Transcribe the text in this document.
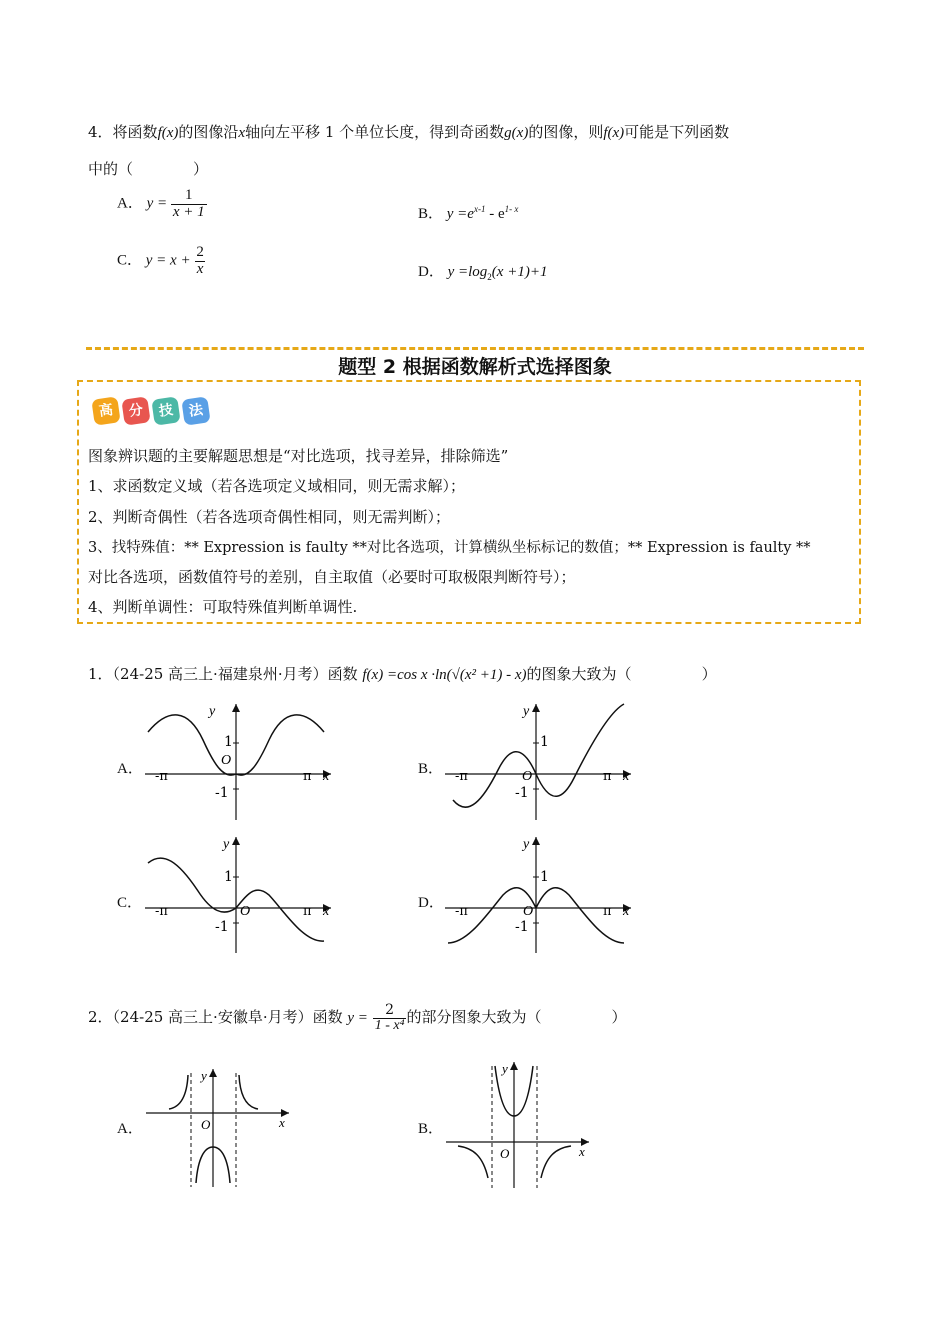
4．将函数f(x)的图像沿x轴向左平移 1 个单位长度，得到奇函数g(x)的图像，则f(x)可能是下列函数
中的（	）
A． $y = \frac{1}{x + 1}$	B． $y =e^{x-1} - e^{1- x}$
C． $y = x + \frac{2}{x}$	D． $y =\log_2(x +1)+1$
题型 2 根据函数解析式选择图象
高 分 技 法
图象辨识题的主要解题思想是“对比选项，找寻差异，排除筛选”
1、求函数定义域（若各选项定义域相同，则无需求解）；
2、判断奇偶性（若各选项奇偶性相同，则无需判断）；
3、找特殊值：** Expression is faulty **对比各选项，计算横纵坐标标记的数值；** Expression is faulty **
对比各选项，函数值符号的差别，自主取值（必要时可取极限判断符号）；
4、判断单调性：可取特殊值判断单调性.
1．（24-25 高三上·福建泉州·月考）函数 f(x) =cos x ·ln(√(x² +1) - x)的图象大致为（	）
A．	B．
C．	D．
y
1
-1
O
-π	π x
y
1
-1
O
-π	π x
y
1
-1
O
-π	π x
y
1
-1
O
-π	π x
2．（24-25 高三上·安徽阜·月考）函数 $y = \frac{2}{\text{1 - x⁴}}$ 的部分图象大致为（	）
A．	B．
y
O	x
y
O	x
